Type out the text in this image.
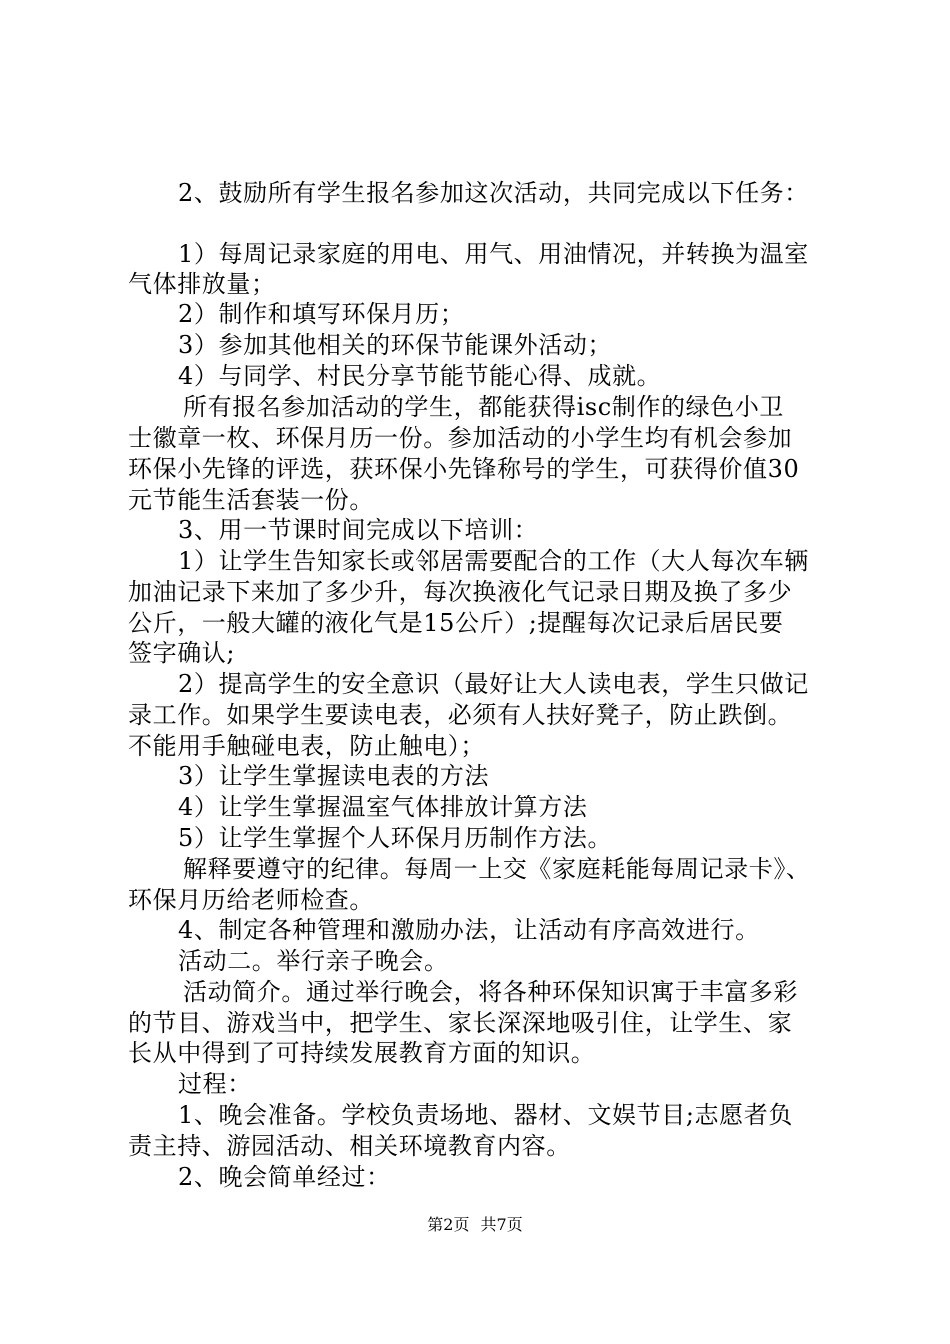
2、鼓励所有学生报名参加这次活动，共同完成以下任务：
1）每周记录家庭的用电、用气、用油情况，并转换为温室
气体排放量；
2）制作和填写环保月历；
3）参加其他相关的环保节能课外活动；
4）与同学、村民分享节能节能心得、成就。
所有报名参加活动的学生，都能获得isc制作的绿色小卫
士徽章一枚、环保月历一份。参加活动的小学生均有机会参加
环保小先锋的评选，获环保小先锋称号的学生，可获得价值30
元节能生活套装一份。
3、用一节课时间完成以下培训：
1）让学生告知家长或邻居需要配合的工作（大人每次车辆
加油记录下来加了多少升，每次换液化气记录日期及换了多少
公斤，一般大罐的液化气是15公斤）;提醒每次记录后居民要
签字确认;
2）提高学生的安全意识（最好让大人读电表，学生只做记
录工作。如果学生要读电表，必须有人扶好凳子，防止跌倒。
不能用手触碰电表，防止触电）；
3）让学生掌握读电表的方法
4）让学生掌握温室气体排放计算方法
5）让学生掌握个人环保月历制作方法。
解释要遵守的纪律。每周一上交《家庭耗能每周记录卡》、
环保月历给老师检查。
4、制定各种管理和激励办法，让活动有序高效进行。
活动二。举行亲子晚会。
活动简介。通过举行晚会，将各种环保知识寓于丰富多彩
的节目、游戏当中，把学生、家长深深地吸引住，让学生、家
长从中得到了可持续发展教育方面的知识。
过程：
1、晚会准备。学校负责场地、器材、文娱节目;志愿者负
责主持、游园活动、相关环境教育内容。
2、晚会简单经过：
第2页 共7页
